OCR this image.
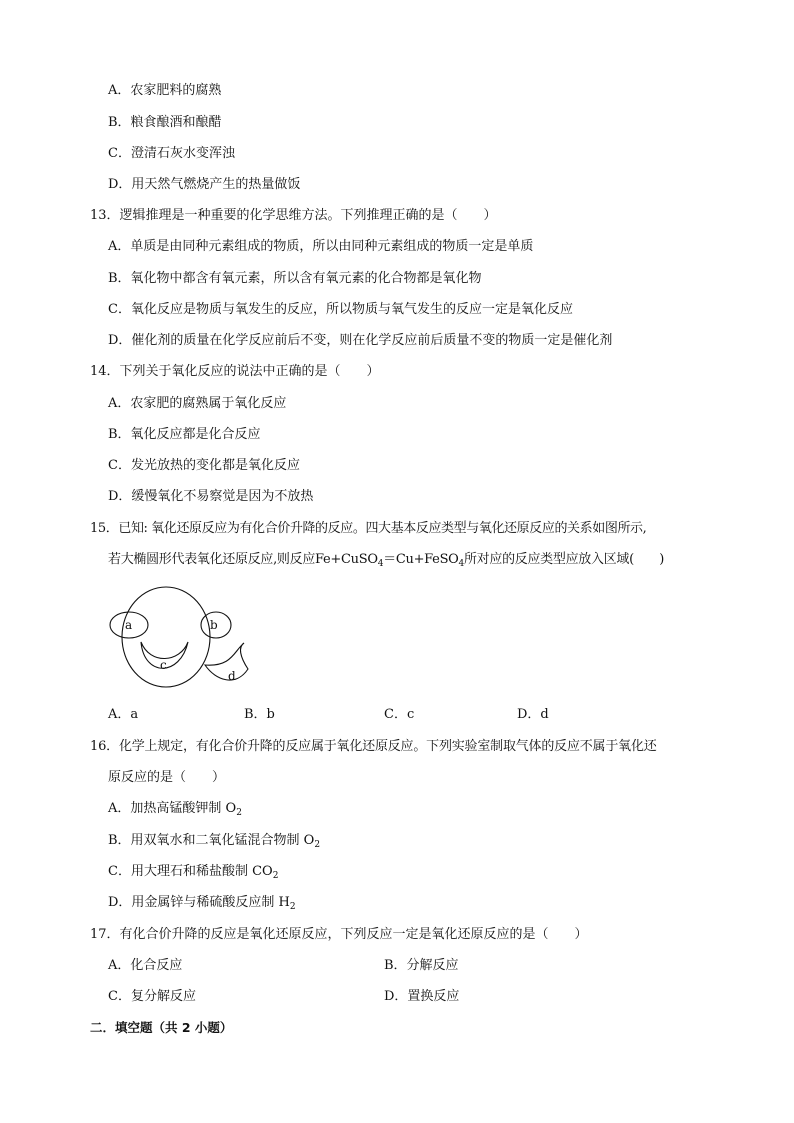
A．农家肥料的腐熟
B．粮食酿酒和酿醋
C．澄清石灰水变浑浊
D．用天然气燃烧产生的热量做饭
13．逻辑推理是一种重要的化学思维方法。下列推理正确的是（　　）
A．单质是由同种元素组成的物质，所以由同种元素组成的物质一定是单质
B．氧化物中都含有氧元素，所以含有氧元素的化合物都是氧化物
C．氧化反应是物质与氧发生的反应，所以物质与氧气发生的反应一定是氧化反应
D．催化剂的质量在化学反应前后不变，则在化学反应前后质量不变的物质一定是催化剂
14．下列关于氧化反应的说法中正确的是（　　）
A．农家肥的腐熟属于氧化反应
B．氧化反应都是化合反应
C．发光放热的变化都是氧化反应
D．缓慢氧化不易察觉是因为不放热
15．已知: 氧化还原反应为有化合价升降的反应。四大基本反应类型与氧化还原反应的关系如图所示,
若大椭圆形代表氧化还原反应,则反应Fe+CuSO$_4$＝Cu+FeSO$_4$所对应的反应类型应放入区域(　　)
a	b
c
d
A．a	B．b	C．c	D．d
16．化学上规定，有化合价升降的反应属于氧化还原反应。下列实验室制取气体的反应不属于氧化还
原反应的是（　　）
A．加热高锰酸钾制 $O_2$
B．用双氧水和二氧化锰混合物制 $O_2$
C．用大理石和稀盐酸制 $CO_2$
D．用金属锌与稀硫酸反应制 $H_2$
17．有化合价升降的反应是氧化还原反应，下列反应一定是氧化还原反应的是（　　）
A．化合反应	B．分解反应
C．复分解反应	D．置换反应
二．填空题（共 2 小题）
